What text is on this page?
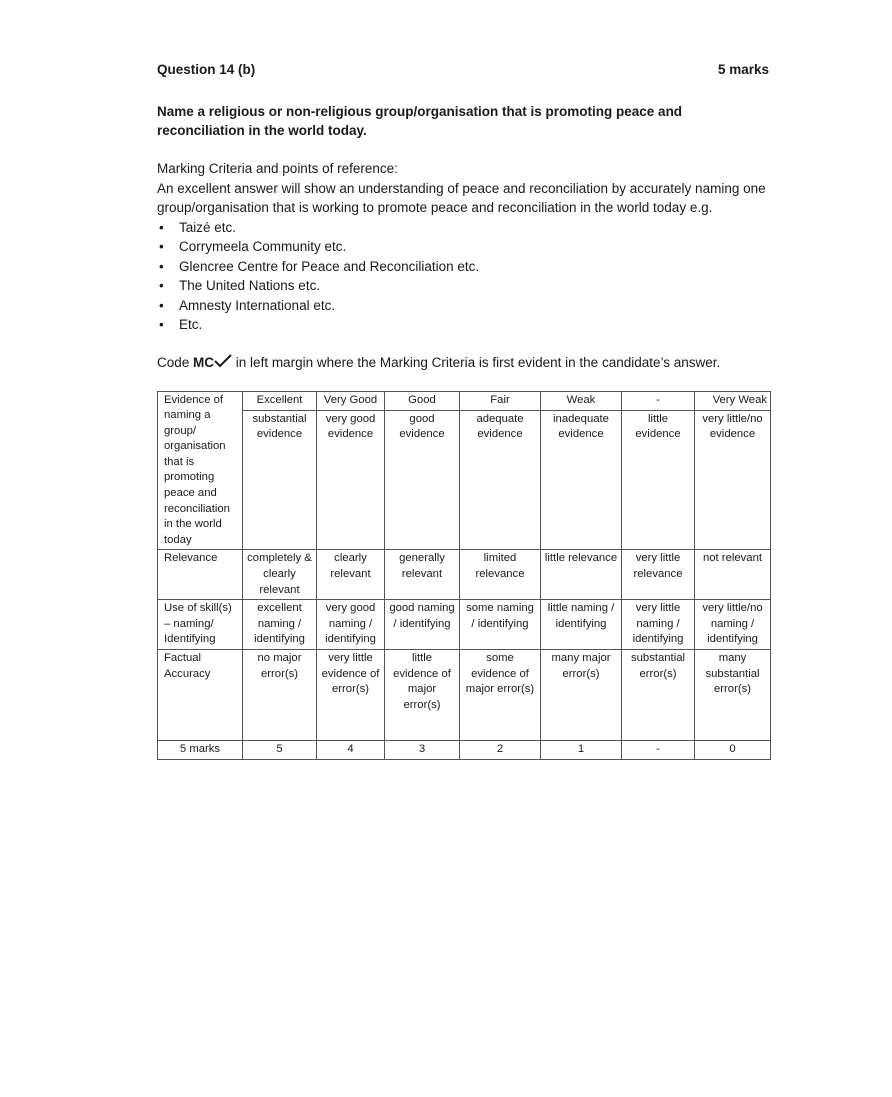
Question 14 (b)	5 marks
Name a religious or non-religious group/organisation that is promoting peace and reconciliation in the world today.

Marking Criteria and points of reference:

An excellent answer will show an understanding of peace and reconciliation by accurately naming one group/organisation that is working to promote peace and reconciliation in the world today e.g.

• Taizé etc.
• Corrymeela Community etc.
• Glencree Centre for Peace and Reconciliation etc.
• The United Nations etc.
• Amnesty International etc.
• Etc.
Code MC in left margin where the Marking Criteria is first evident in the candidate’s answer.
Evidence of naming a group/ organisation that is promoting peace and reconciliation in the world today	Excellent	Very Good	Good	Fair	Weak	-	Very Weak
	substantial evidence	very good evidence	good evidence	adequate evidence	inadequate evidence	little evidence	very little/no evidence
Relevance	completely & clearly relevant	clearly relevant	generally relevant	limited relevance	little relevance	very little relevance	not relevant
Use of skill(s) – naming/ Identifying	excellent naming / identifying	very good naming / identifying	good naming / identifying	some naming / identifying	little naming / identifying	very little naming / identifying	very little/no naming / identifying
Factual Accuracy	no major error(s)	very little evidence of error(s)	little evidence of major error(s)	some evidence of major error(s)	many major error(s)	substantial error(s)	many substantial error(s)
5 marks	5	4	3	2	1	-	0
